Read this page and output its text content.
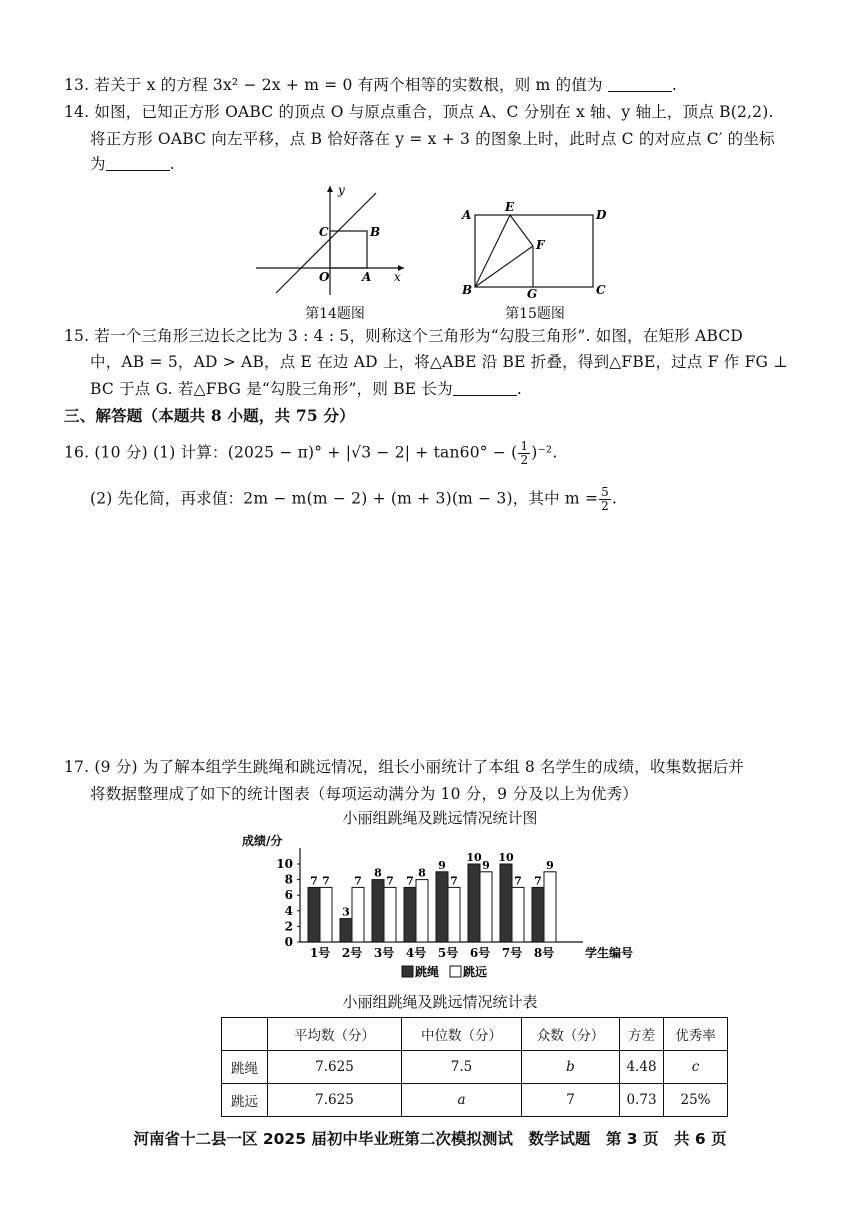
13. 若关于 x 的方程 3x² − 2x + m = 0 有两个相等的实数根，则 m 的值为	.
14. 如图，已知正方形 OABC 的顶点 O 与原点重合，顶点 A、C 分别在 x 轴、y 轴上，顶点 B(2,2).
将正方形 OABC 向左平移，点 B 恰好落在 y = x + 3 的图象上时，此时点 C 的对应点 C′ 的坐标
为	.
y
x
C	B
O	A
第14题图
A
E
D
F
B	G	C
第15题图
15. 若一个三角形三边长之比为 3 : 4 : 5，则称这个三角形为“勾股三角形”. 如图，在矩形 ABCD
中，AB = 5，AD > AB，点 E 在边 AD 上，将△ABE 沿 BE 折叠，得到△FBE，过点 F 作 FG ⊥
BC 于点 G. 若△FBG 是“勾股三角形”，则 BE 长为	.
三、解答题（本题共 8 小题，共 75 分）
16. (10 分) (1) 计算：(2025 − π)° + |√3 − 2| + tan60° − ( $\frac{1}{2} )^{-2}$.
(2) 先化简，再求值：2m − m(m − 2) + (m + 3)(m − 3)，其中 $m = \frac{5}{2}$ .
17. (9 分) 为了解本组学生跳绳和跳远情况，组长小丽统计了本组 8 名学生的成绩，收集数据后并
将数据整理成了如下的统计图表（每项运动满分为 10 分，9 分及以上为优秀）
小丽组跳绳及跳远情况统计图
成绩/分
0
2
4
6
8
10
7 7
1号
3
7
2号
8
7
3号
7
8
4号
9
7
5号
10
9
6号
10
7
7号
7
9
8号	学生编号
跳绳 跳远
小丽组跳绳及跳远情况统计表
	平均数（分）	中位数（分）	众数（分）	方差	优秀率
跳绳	7.625	7.5	b	4.48	c
跳远	7.625	a	7	0.73	25%
河南省十二县一区 2025 届初中毕业班第二次模拟测试　数学试题　第 3 页　共 6 页
